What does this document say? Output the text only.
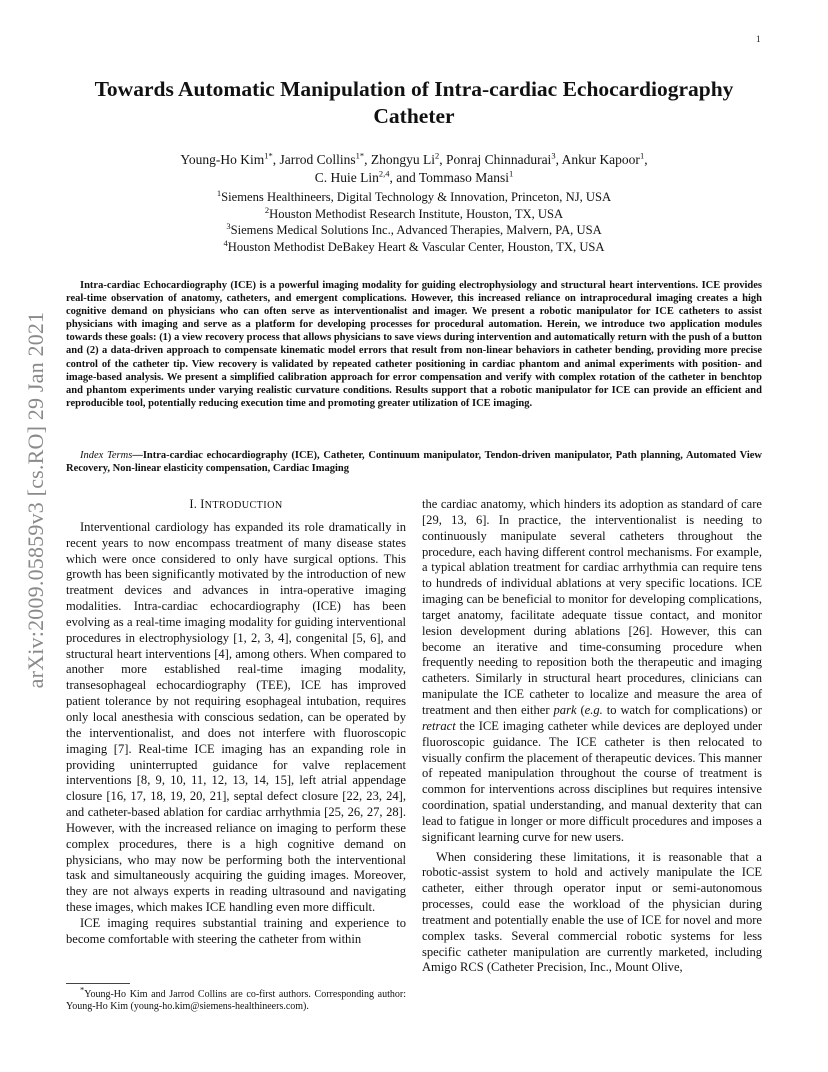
1
arXiv:2009.05859v3 [cs.RO] 29 Jan 2021
Towards Automatic Manipulation of Intra-cardiac Echocardiography Catheter
Young-Ho Kim$^{1*}$, Jarrod Collins$^{1*}$, Zhongyu Li$^2$, Ponraj Chinnadurai$^3$, Ankur Kapoor$^1$,
C. Huie Lin$^{2,4}$, and Tommaso Mansi$^1$
$^1$Siemens Healthineers, Digital Technology & Innovation, Princeton, NJ, USA
$^2$Houston Methodist Research Institute, Houston, TX, USA
$^3$Siemens Medical Solutions Inc., Advanced Therapies, Malvern, PA, USA
$^4$Houston Methodist DeBakey Heart & Vascular Center, Houston, TX, USA
Intra-cardiac Echocardiography (ICE) is a powerful imaging modality for guiding electrophysiology and structural heart interventions. ICE provides real-time observation of anatomy, catheters, and emergent complications. However, this increased reliance on intraprocedural imaging creates a high cognitive demand on physicians who can often serve as interventionalist and imager. We present a robotic manipulator for ICE catheters to assist physicians with imaging and serve as a platform for developing processes for procedural automation. Herein, we introduce two application modules towards these goals: (1) a view recovery process that allows physicians to save views during intervention and automatically return with the push of a button and (2) a data-driven approach to compensate kinematic model errors that result from non-linear behaviors in catheter bending, providing more precise control of the catheter tip. View recovery is validated by repeated catheter positioning in cardiac phantom and animal experiments with position- and image-based analysis. We present a simplified calibration approach for error compensation and verify with complex rotation of the catheter in benchtop and phantom experiments under varying realistic curvature conditions. Results support that a robotic manipulator for ICE can provide an efficient and reproducible tool, potentially reducing execution time and promoting greater utilization of ICE imaging.
Index Terms—Intra-cardiac echocardiography (ICE), Catheter, Continuum manipulator, Tendon-driven manipulator, Path planning, Automated View Recovery, Non-linear elasticity compensation, Cardiac Imaging
I. INTRODUCTION

Interventional cardiology has expanded its role dramatically in recent years to now encompass treatment of many disease states which were once considered to only have surgical options. This growth has been significantly motivated by the introduction of new treatment devices and advances in intra-operative imaging modalities. Intra-cardiac echocardiography (ICE) has been evolving as a real-time imaging modality for guiding interventional procedures in electrophysiology [1, 2, 3, 4], congenital [5, 6], and structural heart interventions [4], among others. When compared to another more established real-time imaging modality, transesophageal echocardiography (TEE), ICE has improved patient tolerance by not requiring esophageal intubation, requires only local anesthesia with conscious sedation, can be operated by the interventionalist, and does not interfere with fluoroscopic imaging [7]. Real-time ICE imaging has an expanding role in providing uninterrupted guidance for valve replacement interventions [8, 9, 10, 11, 12, 13, 14, 15], left atrial appendage closure [16, 17, 18, 19, 20, 21], septal defect closure [22, 23, 24], and catheter-based ablation for cardiac arrhythmia [25, 26, 27, 28]. However, with the increased reliance on imaging to perform these complex procedures, there is a high cognitive demand on physicians, who may now be performing both the interventional task and simultaneously acquiring the guiding images. Moreover, they are not always experts in reading ultrasound and navigating these images, which makes ICE handling even more difficult.

ICE imaging requires substantial training and experience to become comfortable with steering the catheter from within

*Young-Ho Kim and Jarrod Collins are co-first authors. Corresponding author: Young-Ho Kim (young-ho.kim@siemens-healthineers.com).

the cardiac anatomy, which hinders its adoption as standard of care [29, 13, 6]. In practice, the interventionalist is needing to continuously manipulate several catheters throughout the procedure, each having different control mechanisms. For example, a typical ablation treatment for cardiac arrhythmia can require tens to hundreds of individual ablations at very specific locations. ICE imaging can be beneficial to monitor for developing complications, target anatomy, facilitate adequate tissue contact, and monitor lesion development during ablations [26]. However, this can become an iterative and time-consuming procedure when frequently needing to reposition both the therapeutic and imaging catheters. Similarly in structural heart procedures, clinicians can manipulate the ICE catheter to localize and measure the area of treatment and then either park (e.g. to watch for complications) or retract the ICE imaging catheter while devices are deployed under fluoroscopic guidance. The ICE catheter is then relocated to visually confirm the placement of therapeutic devices. This manner of repeated manipulation throughout the course of treatment is common for interventions across disciplines but requires intensive coordination, spatial understanding, and manual dexterity that can lead to fatigue in longer or more difficult procedures and imposes a significant learning curve for new users.

When considering these limitations, it is reasonable that a robotic-assist system to hold and actively manipulate the ICE catheter, either through operator input or semi-autonomous processes, could ease the workload of the physician during treatment and potentially enable the use of ICE for novel and more complex tasks. Several commercial robotic systems for less specific catheter manipulation are currently marketed, including Amigo RCS (Catheter Precision, Inc., Mount Olive,
